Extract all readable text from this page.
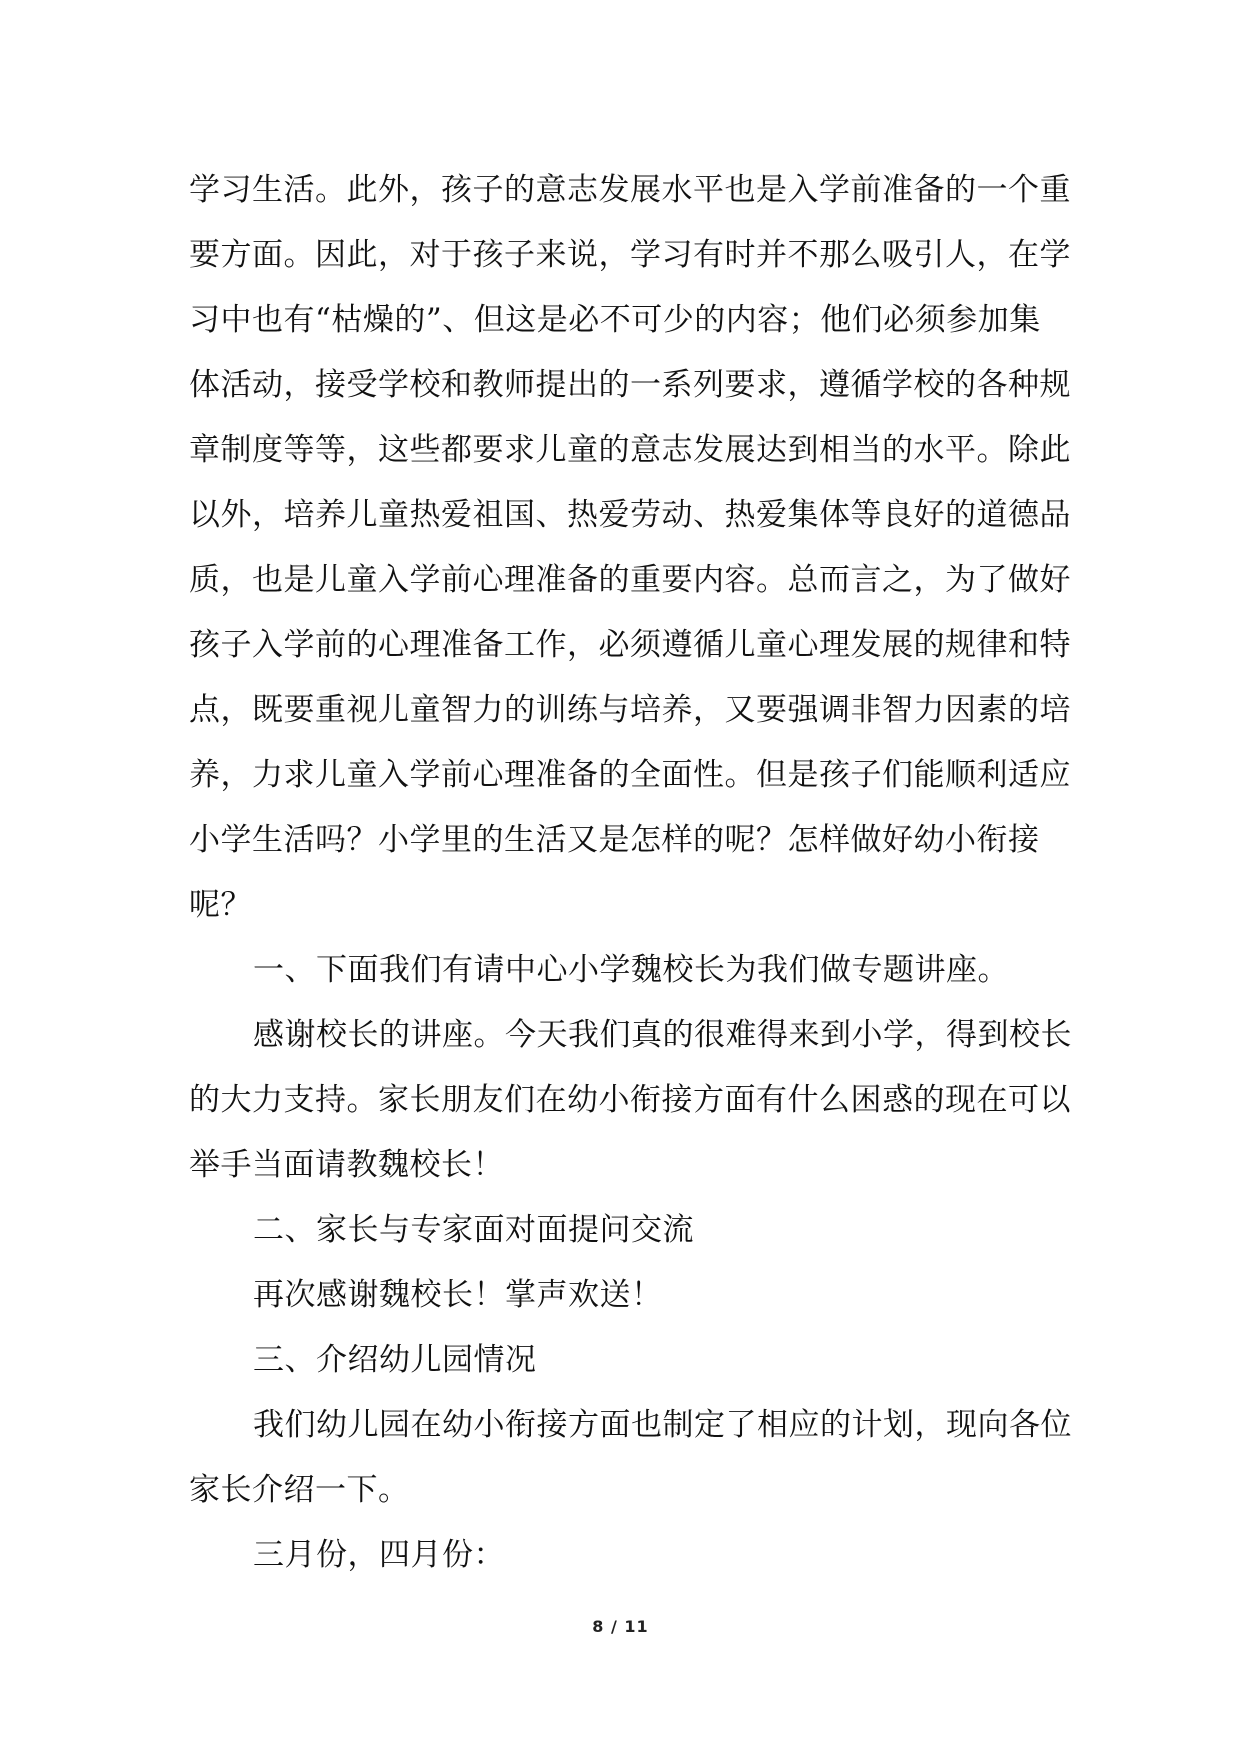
学习生活。此外，孩子的意志发展水平也是入学前准备的一个重
要方面。因此，对于孩子来说，学习有时并不那么吸引人，在学
习中也有“枯燥的”、但这是必不可少的内容；他们必须参加集
体活动，接受学校和教师提出的一系列要求，遵循学校的各种规
章制度等等，这些都要求儿童的意志发展达到相当的水平。除此
以外，培养儿童热爱祖国、热爱劳动、热爱集体等良好的道德品
质，也是儿童入学前心理准备的重要内容。总而言之，为了做好
孩子入学前的心理准备工作，必须遵循儿童心理发展的规律和特
点，既要重视儿童智力的训练与培养，又要强调非智力因素的培
养，力求儿童入学前心理准备的全面性。但是孩子们能顺利适应
小学生活吗？小学里的生活又是怎样的呢？怎样做好幼小衔接
呢？
一、下面我们有请中心小学魏校长为我们做专题讲座。
感谢校长的讲座。今天我们真的很难得来到小学，得到校长
的大力支持。家长朋友们在幼小衔接方面有什么困惑的现在可以
举手当面请教魏校长！
二、家长与专家面对面提问交流
再次感谢魏校长！掌声欢送！
三、介绍幼儿园情况
我们幼儿园在幼小衔接方面也制定了相应的计划，现向各位
家长介绍一下。
三月份，四月份：
8 / 11
